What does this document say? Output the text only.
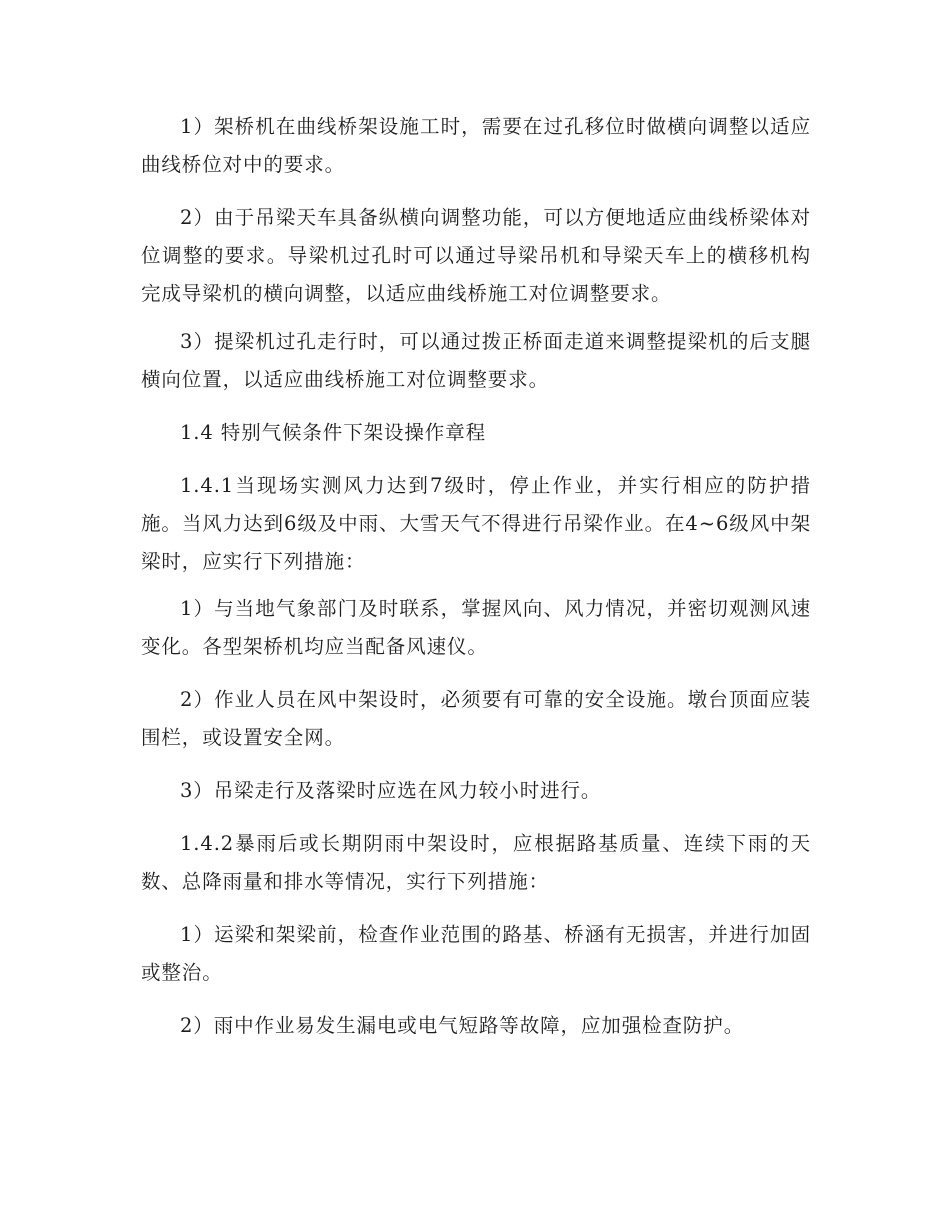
1）架桥机在曲线桥架设施工时，需要在过孔移位时做横向调整以适应曲线桥位对中的要求。

2）由于吊梁天车具备纵横向调整功能，可以方便地适应曲线桥梁体对位调整的要求。导梁机过孔时可以通过导梁吊机和导梁天车上的横移机构完成导梁机的横向调整，以适应曲线桥施工对位调整要求。

3）提梁机过孔走行时，可以通过拨正桥面走道来调整提梁机的后支腿横向位置，以适应曲线桥施工对位调整要求。

1.4 特别气候条件下架设操作章程

1.4.1当现场实测风力达到7级时，停止作业，并实行相应的防护措施。当风力达到6级及中雨、大雪天气不得进行吊梁作业。在4~6级风中架梁时，应实行下列措施：

1）与当地气象部门及时联系，掌握风向、风力情况，并密切观测风速变化。各型架桥机均应当配备风速仪。

2）作业人员在风中架设时，必须要有可靠的安全设施。墩台顶面应装围栏，或设置安全网。

3）吊梁走行及落梁时应选在风力较小时进行。

1.4.2暴雨后或长期阴雨中架设时，应根据路基质量、连续下雨的天数、总降雨量和排水等情况，实行下列措施：

1）运梁和架梁前，检查作业范围的路基、桥涵有无损害，并进行加固或整治。

2）雨中作业易发生漏电或电气短路等故障，应加强检查防护。
